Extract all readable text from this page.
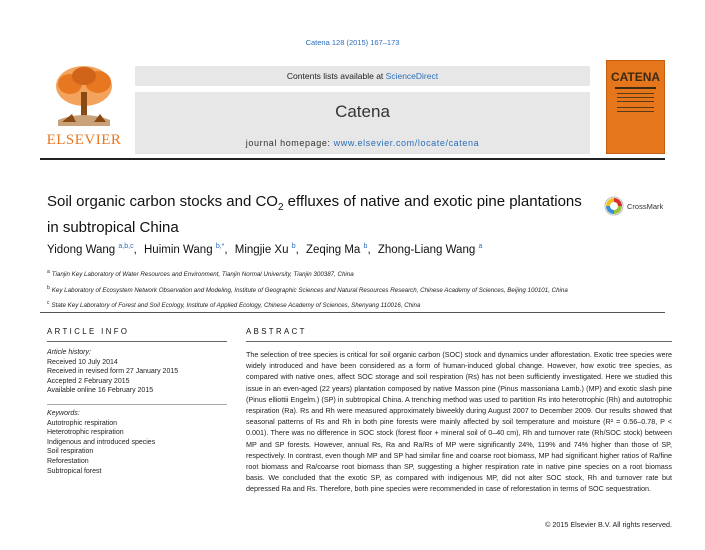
Catena 128 (2015) 167–173
ELSEVIER
Contents lists available at ScienceDirect
Catena
journal homepage: www.elsevier.com/locate/catena
CATENA
Soil organic carbon stocks and $CO_2$ effluxes of native and exotic pine plantations in subtropical China
CrossMark
Yidong Wang $^{a,b,c}$, Huimin Wang $^{b,*}$, Mingjie Xu $^b$, Zeqing Ma $^b$, Zhong-Liang Wang $^a$
$^a$ Tianjin Key Laboratory of Water Resources and Environment, Tianjin Normal University, Tianjin 300387, China
$^b$ Key Laboratory of Ecosystem Network Observation and Modeling, Institute of Geographic Sciences and Natural Resources Research, Chinese Academy of Sciences, Beijing 100101, China
$^c$ State Key Laboratory of Forest and Soil Ecology, Institute of Applied Ecology, Chinese Academy of Sciences, Shenyang 110016, China
ARTICLE INFO
Article history:
Received 10 July 2014
Received in revised form 27 January 2015
Accepted 2 February 2015
Available online 16 February 2015
Keywords:
Autotrophic respiration
Heterotrophic respiration
Indigenous and introduced species
Soil respiration
Reforestation
Subtropical forest
ABSTRACT
The selection of tree species is critical for soil organic carbon (SOC) stock and dynamics under afforestation. Exotic tree species were widely introduced and have been considered as a form of human-induced global change. However, how exotic tree species, as compared with native ones, affect SOC storage and soil respiration (Rs) has not been sufficiently investigated. Here we studied this issue in an even-aged (22 years) plantation composed by native Masson pine (Pinus massoniana Lamb.) (MP) and exotic slash pine (Pinus elliottii Engelm.) (SP) in subtropical China. A trenching method was used to partition Rs into heterotrophic (Rh) and autotrophic respiration (Ra). Rs and Rh were measured approximately biweekly during August 2007 to December 2009. Our results showed that seasonal patterns of Rs and Rh in both pine forests were mainly affected by soil temperature and moisture (R² = 0.56–0.78, P < 0.001). There was no difference in SOC stock (forest floor + mineral soil of 0–40 cm), Rh and turnover rate (Rh/SOC stock) between MP and SP forests. However, annual Rs, Ra and Ra/Rs of MP were significantly 24%, 119% and 74% higher than those of SP, respectively. In contrast, even though MP and SP had similar fine and coarse root biomass, MP had significant higher ratios of Ra/fine root biomass and Ra/coarse root biomass than SP, suggesting a higher respiration rate in native pine species on a root biomass basis. We concluded that the exotic SP, as compared with indigenous MP, did not alter SOC stock, Rh and turnover rate but depressed Ra and Rs. Therefore, both pine species were recommended in case of reforestation in terms of SOC sequestration.
© 2015 Elsevier B.V. All rights reserved.
